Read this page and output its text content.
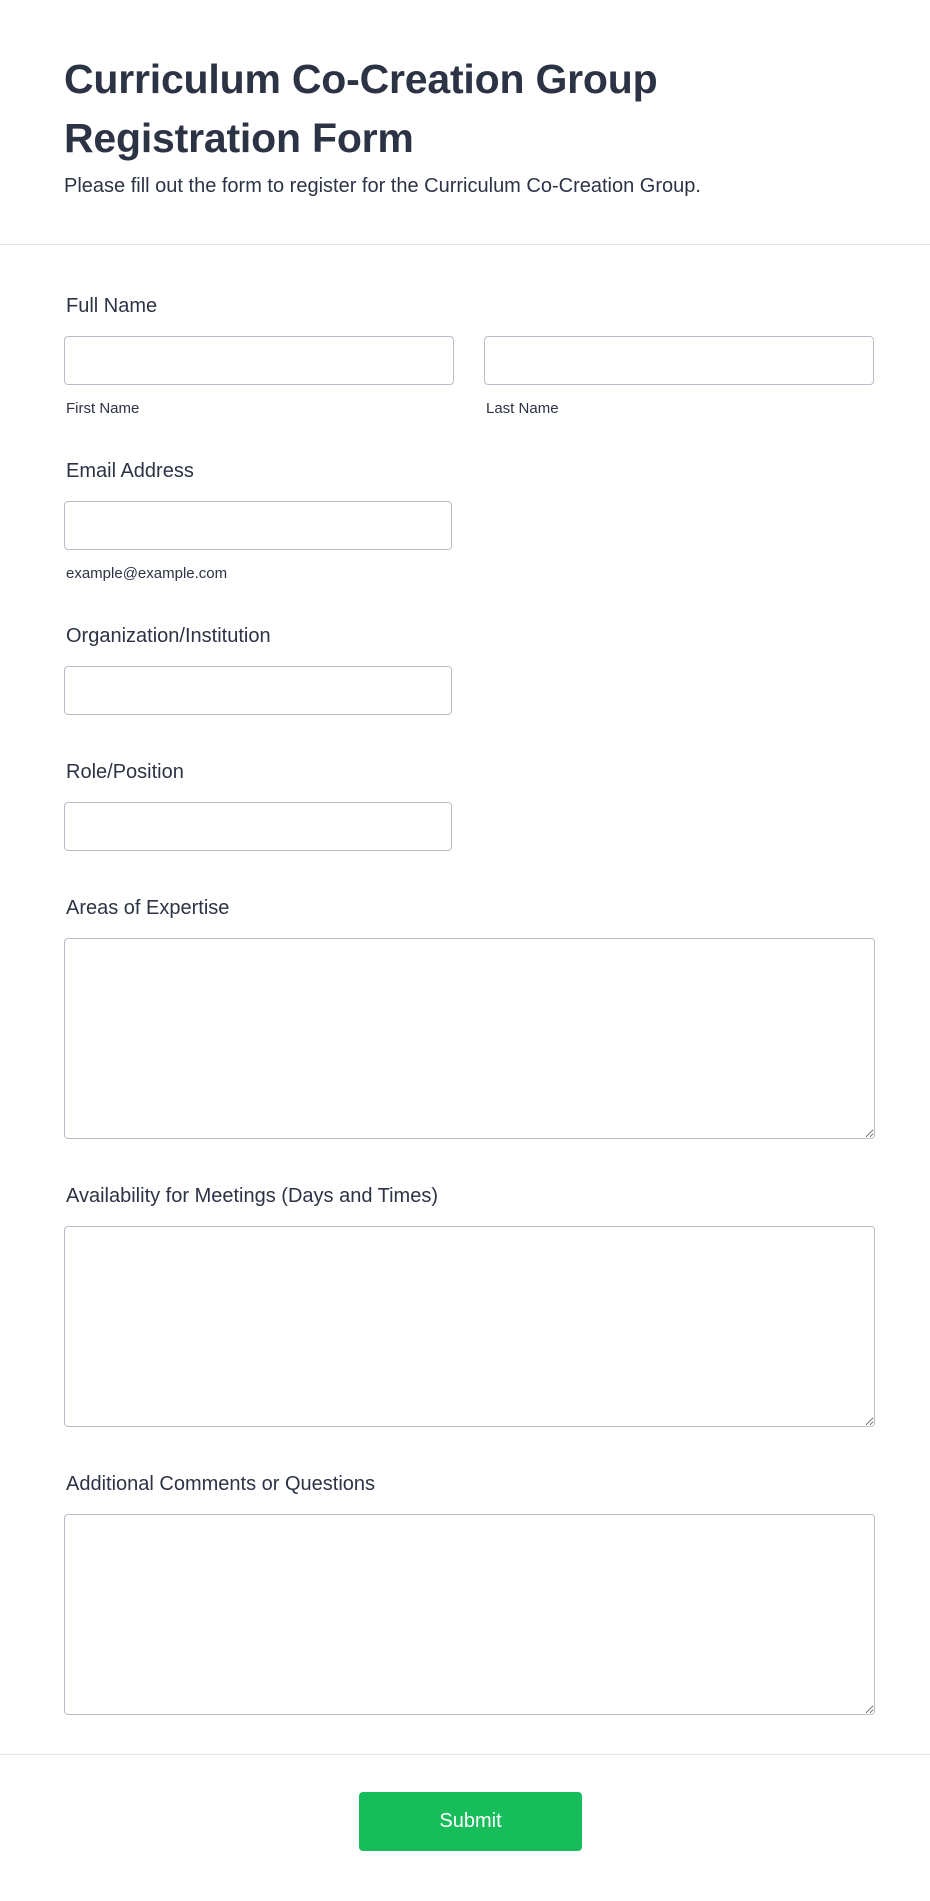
Curriculum Co-Creation Group Registration Form

Please fill out the form to register for the Curriculum Co-Creation Group.

Full Name
First Name	Last Name
Email Address
example@example.com
Organization/Institution
Role/Position
Areas of Expertise
Availability for Meetings (Days and Times)
Additional Comments or Questions
Submit
